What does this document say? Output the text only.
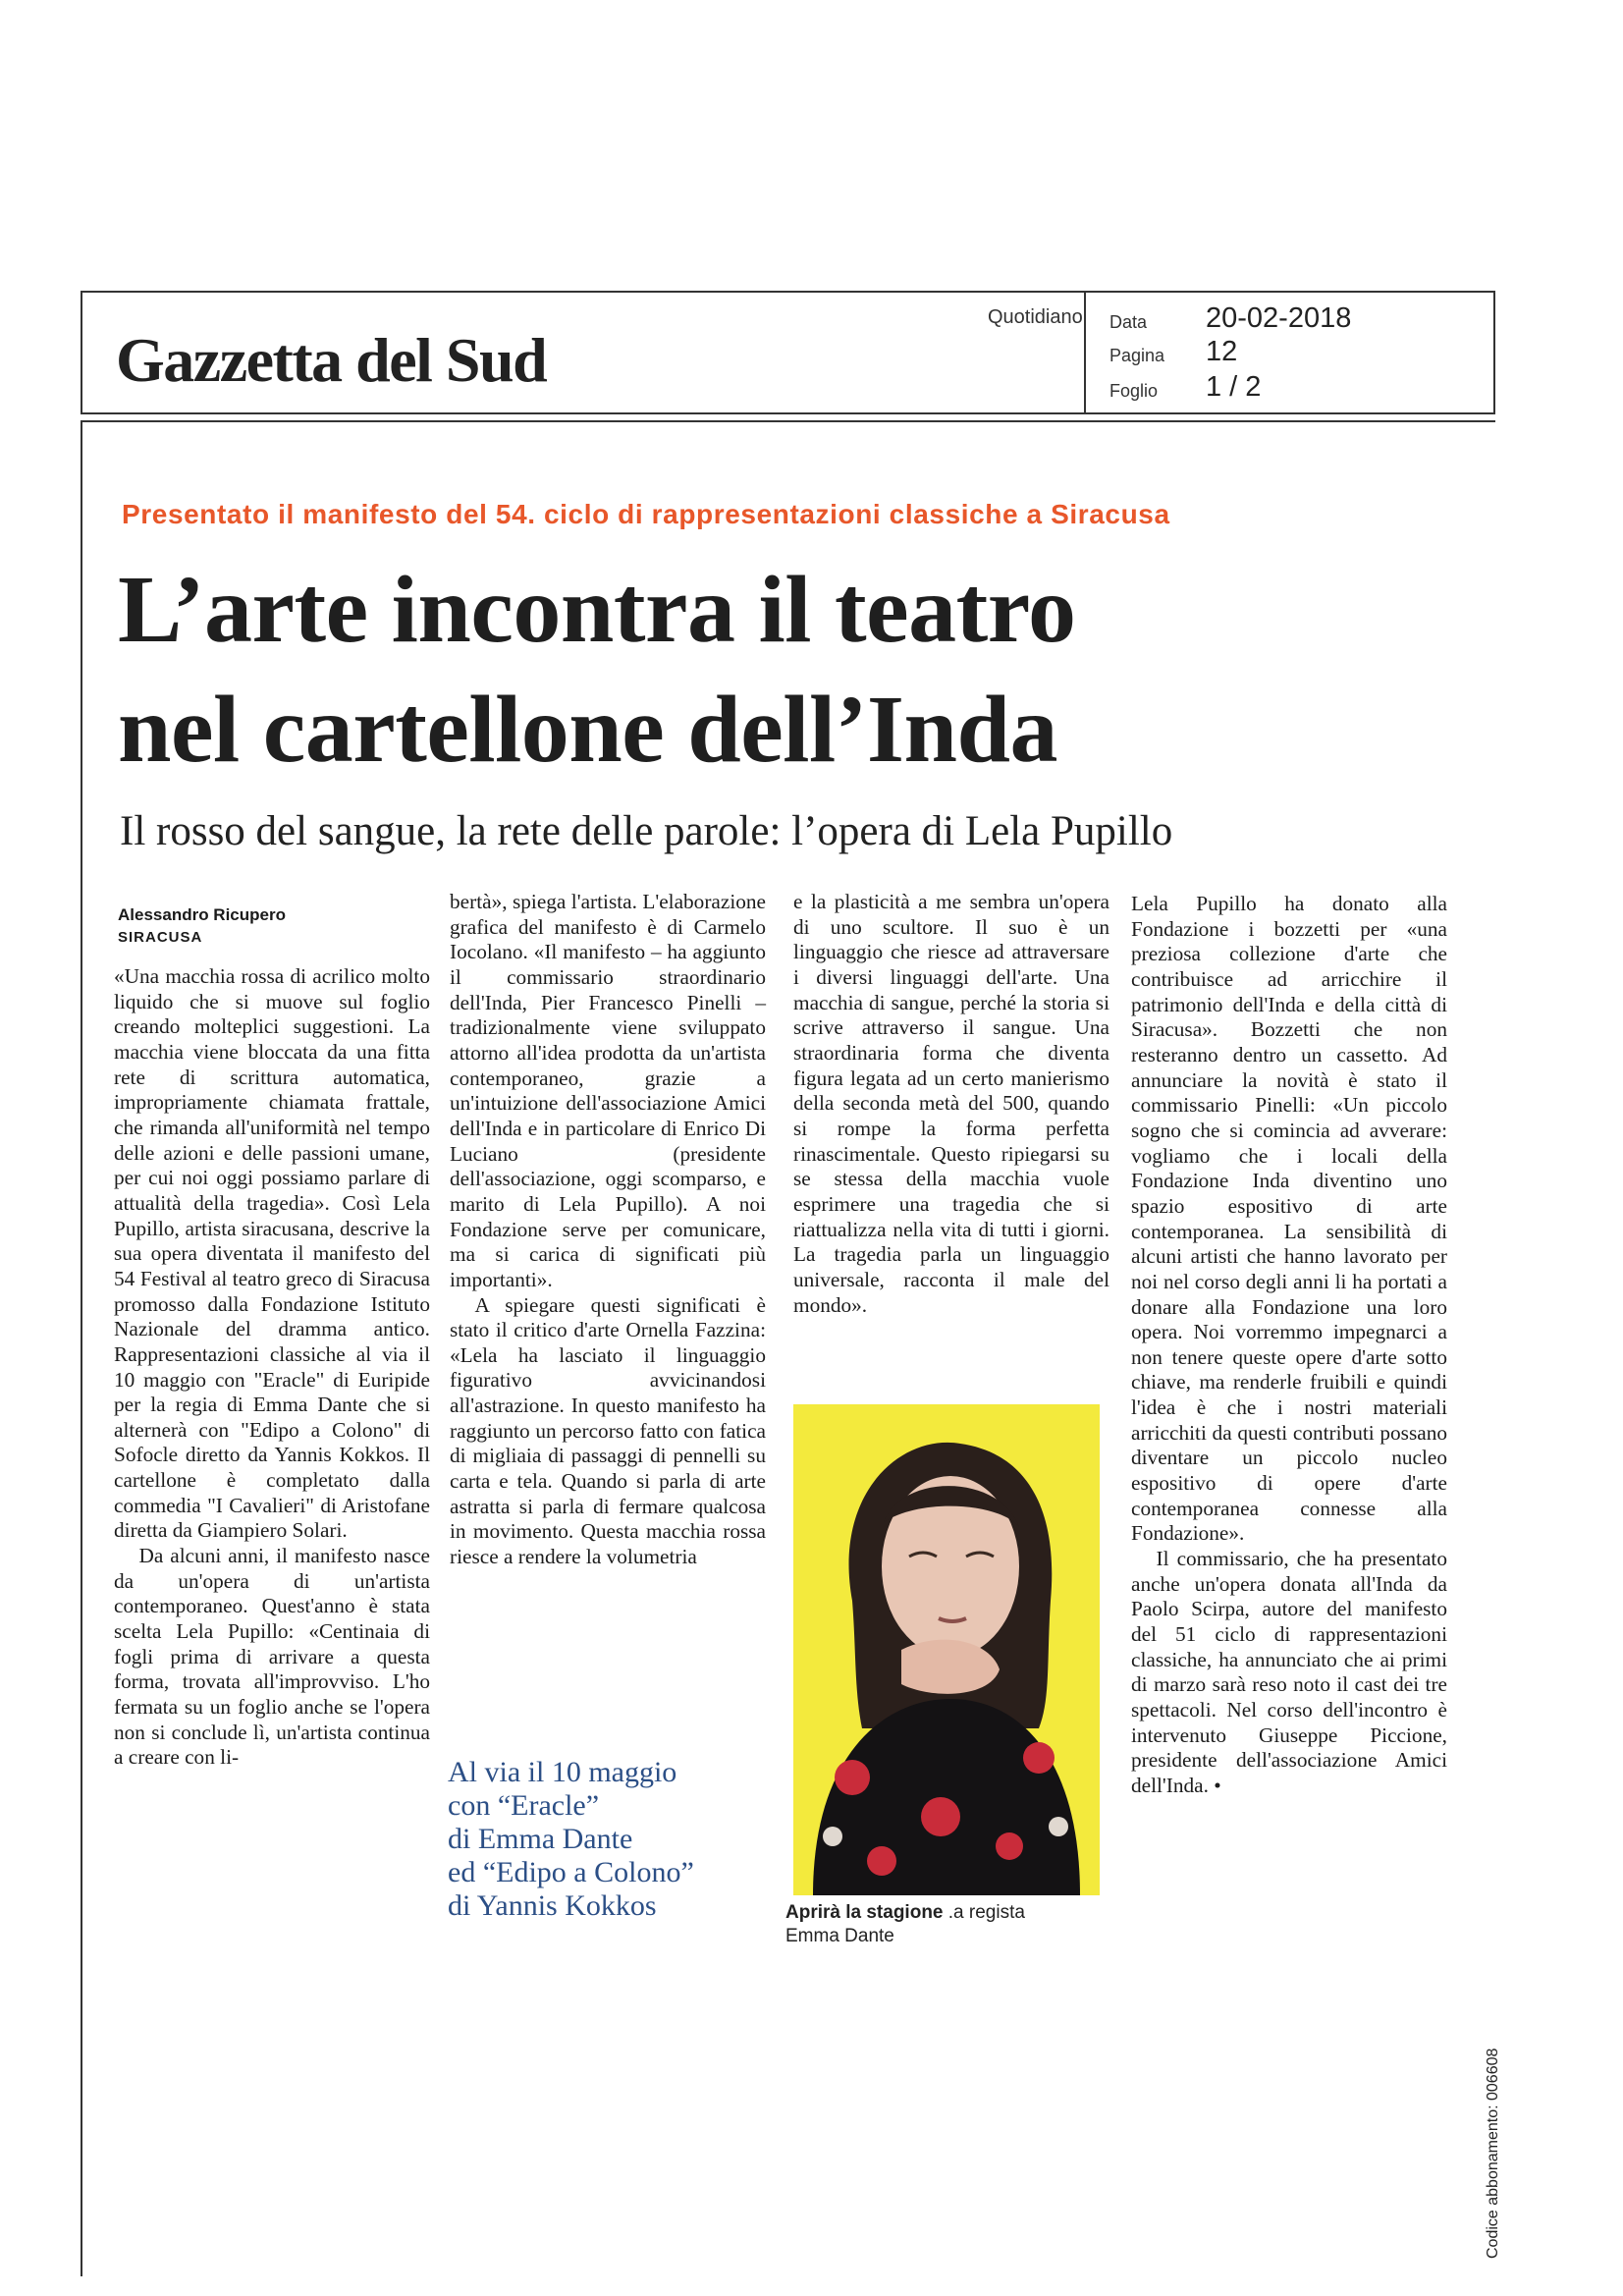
Gazzetta del Sud
Quotidiano Data 20-02-2018
Pagina 12
Foglio 1 / 2
Presentato il manifesto del 54. ciclo di rappresentazioni classiche a Siracusa
L’arte incontra il teatro
nel cartellone dell’Inda
Il rosso del sangue, la rete delle parole: l’opera di Lela Pupillo
Alessandro Ricupero
SIRACUSA

«Una macchia rossa di acrilico molto liquido che si muove sul foglio creando molteplici suggestioni. La macchia viene bloccata da una fitta rete di scrittura automatica, impropriamente chiamata frattale, che rimanda all'uniformità nel tempo delle azioni e delle passioni umane, per cui noi oggi possiamo parlare di attualità della tragedia». Così Lela Pupillo, artista siracusana, descrive la sua opera diventata il manifesto del 54 Festival al teatro greco di Siracusa promosso dalla Fondazione Istituto Nazionale del dramma antico. Rappresentazioni classiche al via il 10 maggio con "Eracle" di Euripide per la regia di Emma Dante che si alternerà con "Edipo a Colono" di Sofocle diretto da Yannis Kokkos. Il cartellone è completato dalla commedia "I Cavalieri" di Aristofane diretta da Giampiero Solari.

Da alcuni anni, il manifesto nasce da un'opera di un'artista contemporaneo. Quest'anno è stata scelta Lela Pupillo: «Centinaia di fogli prima di arrivare a questa forma, trovata all'improvviso. L'ho fermata su un foglio anche se l'opera non si conclude lì, un'artista continua a creare con li-

bertà», spiega l'artista. L'elaborazione grafica del manifesto è di Carmelo Iocolano. «Il manifesto – ha aggiunto il commissario straordinario dell'Inda, Pier Francesco Pinelli – tradizionalmente viene sviluppato attorno all'idea prodotta da un'artista contemporaneo, grazie a un'intuizione dell'associazione Amici dell'Inda e in particolare di Enrico Di Luciano (presidente dell'associazione, oggi scomparso, e marito di Lela Pupillo). A noi Fondazione serve per comunicare, ma si carica di significati più importanti».

A spiegare questi significati è stato il critico d'arte Ornella Fazzina: «Lela ha lasciato il linguaggio figurativo avvicinandosi all'astrazione. In questo manifesto ha raggiunto un percorso fatto con fatica di migliaia di passaggi di pennelli su carta e tela. Quando si parla di arte astratta si parla di fermare qualcosa in movimento. Questa macchia rossa riesce a rendere la volumetria

e la plasticità a me sembra un'opera di uno scultore. Il suo è un linguaggio che riesce ad attraversare i diversi linguaggi dell'arte. Una macchia di sangue, perché la storia si scrive attraverso il sangue. Una straordinaria forma che diventa figura legata ad un certo manierismo della seconda metà del 500, quando si rompe la forma perfetta rinascimentale. Questo ripiegarsi su se stessa della macchia vuole esprimere una tragedia che si riattualizza nella vita di tutti i giorni. La tragedia parla un linguaggio universale, racconta il male del mondo».

Lela Pupillo ha donato alla Fondazione i bozzetti per «una preziosa collezione d'arte che contribuisce ad arricchire il patrimonio dell'Inda e della città di Siracusa». Bozzetti che non resteranno dentro un cassetto. Ad annunciare la novità è stato il commissario Pinelli: «Un piccolo sogno che si comincia ad avverare: vogliamo che i locali della Fondazione Inda diventino uno spazio espositivo di arte contemporanea. La sensibilità di alcuni artisti che hanno lavorato per noi nel corso degli anni li ha portati a donare alla Fondazione una loro opera. Noi vorremmo impegnarci a non tenere queste opere d'arte sotto chiave, ma renderle fruibili e quindi l'idea è che i nostri materiali arricchiti da questi contributi possano diventare un piccolo nucleo espositivo di opere d'arte contemporanea connesse alla Fondazione».

Il commissario, che ha presentato anche un'opera donata all'Inda da Paolo Scirpa, autore del manifesto del 51 ciclo di rappresentazioni classiche, ha annunciato che ai primi di marzo sarà reso noto il cast dei tre spettacoli. Nel corso dell'incontro è intervenuto Giuseppe Piccione, presidente dell'associazione Amici dell'Inda. •

Al via il 10 maggio
con “Eracle”
di Emma Dante
ed “Edipo a Colono”
di Yannis Kokkos	Aprirà la stagione .a regista
Emma Dante
Codice abbonamento: 006608
